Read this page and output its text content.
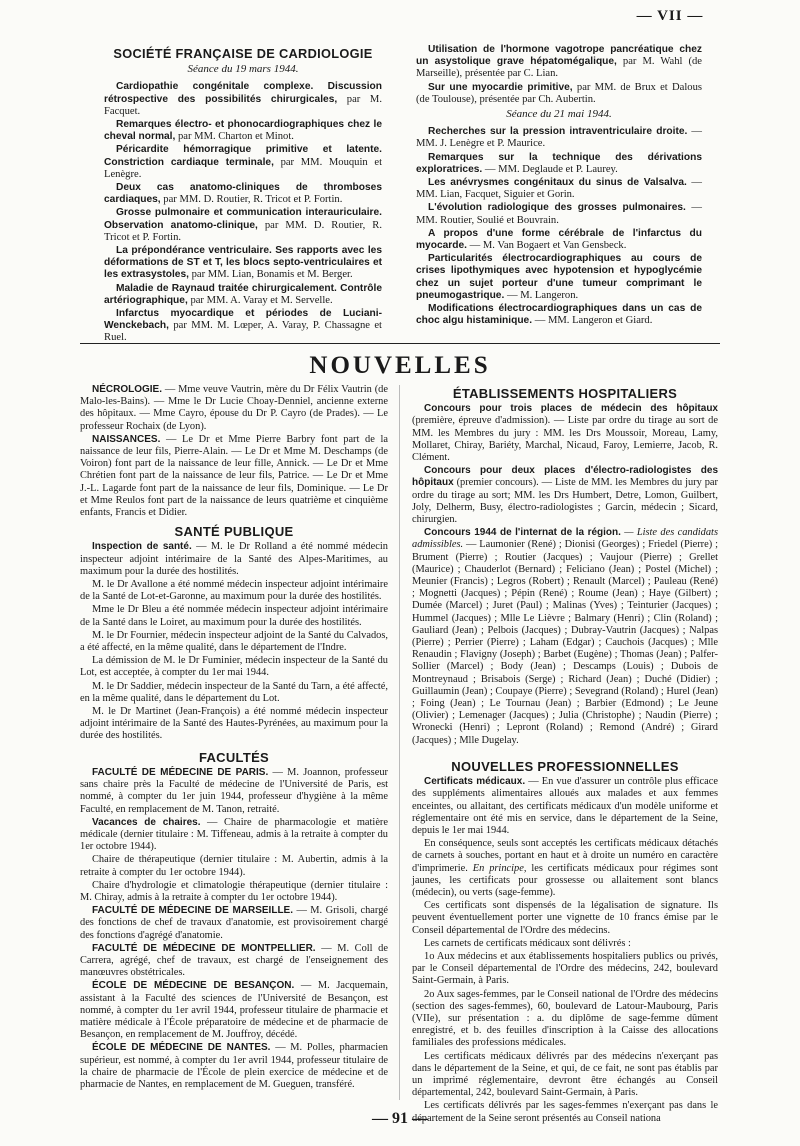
— VII —
SOCIÉTÉ FRANÇAISE DE CARDIOLOGIE
Séance du 19 mars 1944.

Cardiopathie congénitale complexe. Discussion rétrospective des possibilités chirurgicales, par M. Facquet.

Remarques électro- et phonocardiographiques chez le cheval normal, par MM. Charton et Minot.

Péricardite hémorragique primitive et latente. Constriction cardiaque terminale, par MM. Mouquin et Lenègre.

Deux cas anatomo-cliniques de thromboses cardiaques, par MM. D. Routier, R. Tricot et P. Fortin.

Grosse pulmonaire et communication interauriculaire. Observation anatomo-clinique, par MM. D. Routier, R. Tricot et P. Fortin.

La prépondérance ventriculaire. Ses rapports avec les déformations de ST et T, les blocs septo-ventriculaires et les extrasystoles, par MM. Lian, Bonamis et M. Berger.

Maladie de Raynaud traitée chirurgicalement. Contrôle artériographique, par MM. A. Varay et M. Servelle.

Infarctus myocardique et périodes de Luciani-Wenckebach, par MM. M. Lœper, A. Varay, P. Chassagne et Ruel.

Utilisation de l'hormone vagotrope pancréatique chez un asystolique grave hépatomégalique, par M. Wahl (de Marseille), présentée par C. Lian.

Sur une myocardie primitive, par MM. de Brux et Dalous (de Toulouse), présentée par Ch. Aubertin.

Séance du 21 mai 1944.

Recherches sur la pression intraventriculaire droite. — MM. J. Lenègre et P. Maurice.

Remarques sur la technique des dérivations exploratrices. — MM. Deglaude et P. Laurey.

Les anévrysmes congénitaux du sinus de Valsalva. — MM. Lian, Facquet, Siguier et Gorin.

L'évolution radiologique des grosses pulmonaires. — MM. Routier, Soulié et Bouvrain.

A propos d'une forme cérébrale de l'infarctus du myocarde. — M. Van Bogaert et Van Gensbeck.

Particularités électrocardiographiques au cours de crises lipothymiques avec hypotension et hypoglycémie chez un sujet porteur d'une tumeur comprimant le pneumogastrique. — M. Langeron.

Modifications électrocardiographiques dans un cas de choc algu histaminique. — MM. Langeron et Giard.

NOUVELLES

NÉCROLOGIE. — Mme veuve Vautrin, mère du Dr Félix Vautrin (de Malo-les-Bains). — Mme le Dr Lucie Choay-Denniel, ancienne externe des hôpitaux. — Mme Cayro, épouse du Dr P. Cayro (de Prades). — Le professeur Rochaix (de Lyon).

NAISSANCES. — Le Dr et Mme Pierre Barbry font part de la naissance de leur fils, Pierre-Alain. — Le Dr et Mme M. Deschamps (de Voiron) font part de la naissance de leur fille, Annick. — Le Dr et Mme Chrétien font part de la naissance de leur fils, Patrice. — Le Dr et Mme J.-L. Lagarde font part de la naissance de leur fils, Dominique. — Le Dr et Mme Reulos font part de la naissance de leurs quatrième et cinquième enfants, Francis et Didier.

SANTÉ PUBLIQUE

Inspection de santé. — M. le Dr Rolland a été nommé médecin inspecteur adjoint intérimaire de la Santé des Alpes-Maritimes, au maximum pour la durée des hostilités.

M. le Dr Avallone a été nommé médecin inspecteur adjoint intérimaire de la Santé de Lot-et-Garonne, au maximum pour la durée des hostilités.

Mme le Dr Bleu a été nommée médecin inspecteur adjoint intérimaire de la Santé dans le Loiret, au maximum pour la durée des hostilités.

M. le Dr Fournier, médecin inspecteur adjoint de la Santé du Calvados, a été affecté, en la même qualité, dans le département de l'Indre.

La démission de M. le Dr Fuminier, médecin inspecteur de la Santé du Lot, est acceptée, à compter du 1er mai 1944.

M. le Dr Saddier, médecin inspecteur de la Santé du Tarn, a été affecté, en la même qualité, dans le département du Lot.

M. le Dr Martinet (Jean-François) a été nommé médecin inspecteur adjoint intérimaire de la Santé des Hautes-Pyrénées, au maximum pour la durée des hostilités.

FACULTÉS

FACULTÉ DE MÉDECINE DE PARIS. — M. Joannon, professeur sans chaire près la Faculté de médecine de l'Université de Paris, est nommé, à compter du 1er juin 1944, professeur d'hygiène à la même Faculté, en remplacement de M. Tanon, retraité.

Vacances de chaires. — Chaire de pharmacologie et matière médicale (dernier titulaire : M. Tiffeneau, admis à la retraite à compter du 1er octobre 1944).

Chaire de thérapeutique (dernier titulaire : M. Aubertin, admis à la retraite à compter du 1er octobre 1944).

Chaire d'hydrologie et climatologie thérapeutique (dernier titulaire : M. Chiray, admis à la retraite à compter du 1er octobre 1944).

FACULTÉ DE MÉDECINE DE MARSEILLE. — M. Grisoli, chargé des fonctions de chef de travaux d'anatomie, est provisoirement chargé des fonctions d'agrégé d'anatomie.

FACULTÉ DE MÉDECINE DE MONTPELLIER. — M. Coll de Carrera, agrégé, chef de travaux, est chargé de l'enseignement des manœuvres obstétricales.

ÉCOLE DE MÉDECINE DE BESANÇON. — M. Jacquemain, assistant à la Faculté des sciences de l'Université de Besançon, est nommé, à compter du 1er avril 1944, professeur titulaire de pharmacie et matière médicale à l'École préparatoire de médecine et de pharmacie de Besançon, en remplacement de M. Jouffroy, décédé.

ÉCOLE DE MÉDECINE DE NANTES. — M. Polles, pharmacien supérieur, est nommé, à compter du 1er avril 1944, professeur titulaire de la chaire de pharmacie de l'École de plein exercice de médecine et de pharmacie de Nantes, en remplacement de M. Gueguen, transféré.

ÉTABLISSEMENTS HOSPITALIERS

Concours pour trois places de médecin des hôpitaux (première, épreuve d'admission). — Liste par ordre du tirage au sort de MM. les Membres du jury : MM. les Drs Moussoir, Moreau, Lamy, Mollaret, Chiray, Bariéty, Marchal, Nicaud, Faroy, Lemierre, Jacob, R. Clément.

Concours pour deux places d'électro-radiologistes des hôpitaux (premier concours). — Liste de MM. les Membres du jury par ordre du tirage au sort; MM. les Drs Humbert, Detre, Lomon, Guilbert, Joly, Delherm, Busy, électro-radiologistes ; Garcin, médecin ; Sicard, chirurgien.

Concours 1944 de l'internat de la région. — Liste des candidats admissibles. — Laumonier (René) ; Dionisi (Georges) ; Friedel (Pierre) ; Brument (Pierre) ; Routier (Jacques) ; Vaujour (Pierre) ; Grellet (Maurice) ; Chauderlot (Bernard) ; Feliciano (Jean) ; Postel (Michel) ; Meunier (Francis) ; Legros (Robert) ; Renault (Marcel) ; Pauleau (René) ; Mognetti (Jacques) ; Pépin (René) ; Roume (Jean) ; Haye (Gilbert) ; Dumée (Marcel) ; Juret (Paul) ; Malinas (Yves) ; Teinturier (Jacques) ; Hummel (Jacques) ; Mlle Le Lièvre ; Balmary (Henri) ; Clin (Roland) ; Gauliard (Jean) ; Pelbois (Jacques) ; Dubray-Vautrin (Jacques) ; Nalpas (Pierre) ; Perrier (Pierre) ; Laham (Edgar) ; Cauchois (Jacques) ; Mlle Renaudin ; Flavigny (Joseph) ; Barbet (Eugène) ; Thomas (Jean) ; Palfer-Sollier (Marcel) ; Body (Jean) ; Descamps (Louis) ; Dubois de Montreynaud ; Brisabois (Serge) ; Richard (Jean) ; Duché (Didier) ; Guillaumin (Jean) ; Coupaye (Pierre) ; Sevegrand (Roland) ; Hurel (Jean) ; Foing (Jean) ; Le Tournau (Jean) ; Barbier (Edmond) ; Le Jeune (Olivier) ; Lemenager (Jacques) ; Julia (Christophe) ; Naudin (Pierre) ; Wronecki (Henri) ; Lepront (Roland) ; Remond (André) ; Girard (Jacques) ; Mlle Dugelay.

NOUVELLES PROFESSIONNELLES

Certificats médicaux. — En vue d'assurer un contrôle plus efficace des suppléments alimentaires alloués aux malades et aux femmes enceintes, ou allaitant, des certificats médicaux d'un modèle uniforme et réglementaire ont été mis en service, dans le département de la Seine, depuis le 1er mai 1944.

En conséquence, seuls sont acceptés les certificats médicaux détachés de carnets à souches, portant en haut et à droite un numéro en caractère d'imprimerie. En principe, les certificats médicaux pour régimes sont jaunes, les certificats pour grossesse ou allaitement sont blancs (médecin), ou verts (sage-femme).

Ces certificats sont dispensés de la légalisation de signature. Ils peuvent éventuellement porter une vignette de 10 francs émise par le Conseil départemental de l'Ordre des médecins.

Les carnets de certificats médicaux sont délivrés :

1o Aux médecins et aux établissements hospitaliers publics ou privés, par le Conseil départemental de l'Ordre des médecins, 242, boulevard Saint-Germain, à Paris.

2o Aux sages-femmes, par le Conseil national de l'Ordre des médecins (section des sages-femmes), 60, boulevard de Latour-Maubourg, Paris (VIIe), sur présentation : a. du diplôme de sage-femme dûment enregistré, et b. des feuilles d'inscription à la Caisse des allocations familiales des professions médicales.

Les certificats médicaux délivrés par des médecins n'exerçant pas dans le département de la Seine, et qui, de ce fait, ne sont pas établis par un imprimé réglementaire, devront être échangés au Conseil départemental, 242, boulevard Saint-Germain, à Paris.

Les certificats délivrés par les sages-femmes n'exerçant pas dans le département de la Seine seront présentés au Conseil nationa

— 91 —
